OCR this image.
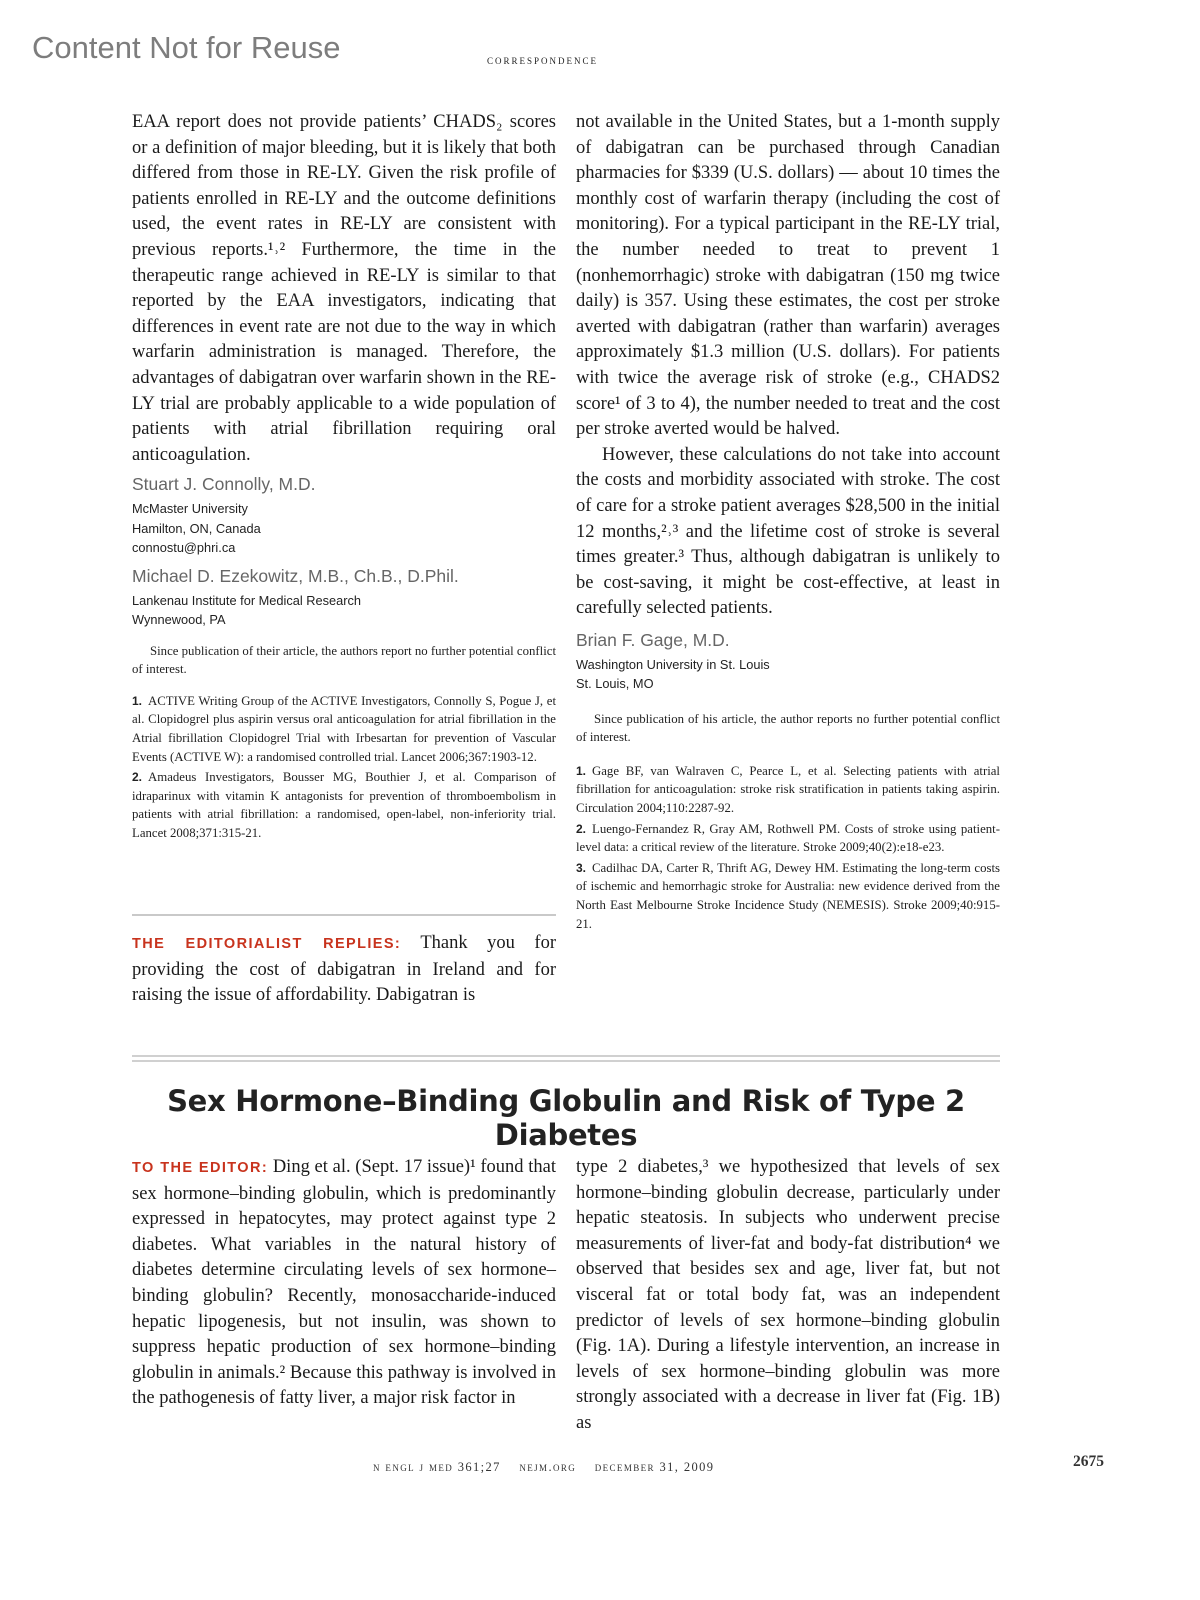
Content Not for Reuse	correspondence

EAA report does not provide patients’ CHADS₂ scores or a definition of major bleeding, but it is likely that both differed from those in RE-LY. Given the risk profile of patients enrolled in RE-LY and the outcome definitions used, the event rates in RE-LY are consistent with previous reports.¹˒² Furthermore, the time in the therapeutic range achieved in RE-LY is similar to that reported by the EAA investigators, indicating that differences in event rate are not due to the way in which warfarin administration is managed. Therefore, the advantages of dabigatran over warfarin shown in the RE-LY trial are probably applicable to a wide population of patients with atrial fibrillation requiring oral anticoagulation.

Stuart J. Connolly, M.D.

McMaster University

Hamilton, ON, Canada

connostu@phri.ca

Michael D. Ezekowitz, M.B., Ch.B., D.Phil.

Lankenau Institute for Medical Research

Wynnewood, PA

Since publication of their article, the authors report no further potential conflict of interest.

1. ACTIVE Writing Group of the ACTIVE Investigators, Connolly S, Pogue J, et al. Clopidogrel plus aspirin versus oral anticoagulation for atrial fibrillation in the Atrial fibrillation Clopidogrel Trial with Irbesartan for prevention of Vascular Events (ACTIVE W): a randomised controlled trial. Lancet 2006;367:1903-12.
2. Amadeus Investigators, Bousser MG, Bouthier J, et al. Comparison of idraparinux with vitamin K antagonists for prevention of thromboembolism in patients with atrial fibrillation: a randomised, open-label, non-inferiority trial. Lancet 2008;371:315-21.

THE EDITORIALIST REPLIES: Thank you for providing the cost of dabigatran in Ireland and for raising the issue of affordability. Dabigatran is

not available in the United States, but a 1-month supply of dabigatran can be purchased through Canadian pharmacies for $339 (U.S. dollars) — about 10 times the monthly cost of warfarin therapy (including the cost of monitoring). For a typical participant in the RE-LY trial, the number needed to treat to prevent 1 (nonhemorrhagic) stroke with dabigatran (150 mg twice daily) is 357. Using these estimates, the cost per stroke averted with dabigatran (rather than warfarin) averages approximately $1.3 million (U.S. dollars). For patients with twice the average risk of stroke (e.g., CHADS2 score¹ of 3 to 4), the number needed to treat and the cost per stroke averted would be halved.

However, these calculations do not take into account the costs and morbidity associated with stroke. The cost of care for a stroke patient averages $28,500 in the initial 12 months,²˒³ and the lifetime cost of stroke is several times greater.³ Thus, although dabigatran is unlikely to be cost-saving, it might be cost-effective, at least in carefully selected patients.

Brian F. Gage, M.D.

Washington University in St. Louis

St. Louis, MO

Since publication of his article, the author reports no further potential conflict of interest.

1. Gage BF, van Walraven C, Pearce L, et al. Selecting patients with atrial fibrillation for anticoagulation: stroke risk stratification in patients taking aspirin. Circulation 2004;110:2287-92.
2. Luengo-Fernandez R, Gray AM, Rothwell PM. Costs of stroke using patient-level data: a critical review of the literature. Stroke 2009;40(2):e18-e23.
3. Cadilhac DA, Carter R, Thrift AG, Dewey HM. Estimating the long-term costs of ischemic and hemorrhagic stroke for Australia: new evidence derived from the North East Melbourne Stroke Incidence Study (NEMESIS). Stroke 2009;40:915-21.
Sex Hormone–Binding Globulin and Risk of Type 2 Diabetes

TO THE EDITOR: Ding et al. (Sept. 17 issue)¹ found that sex hormone–binding globulin, which is predominantly expressed in hepatocytes, may protect against type 2 diabetes. What variables in the natural history of diabetes determine circulating levels of sex hormone–binding globulin? Recently, monosaccharide-induced hepatic lipogenesis, but not insulin, was shown to suppress hepatic production of sex hormone–binding globulin in animals.² Because this pathway is involved in the pathogenesis of fatty liver, a major risk factor in

type 2 diabetes,³ we hypothesized that levels of sex hormone–binding globulin decrease, particularly under hepatic steatosis. In subjects who underwent precise measurements of liver-fat and body-fat distribution⁴ we observed that besides sex and age, liver fat, but not visceral fat or total body fat, was an independent predictor of levels of sex hormone–binding globulin (Fig. 1A). During a lifestyle intervention, an increase in levels of sex hormone–binding globulin was more strongly associated with a decrease in liver fat (Fig. 1B) as

n engl j med 361;27 nejm.org december 31, 2009	2675
